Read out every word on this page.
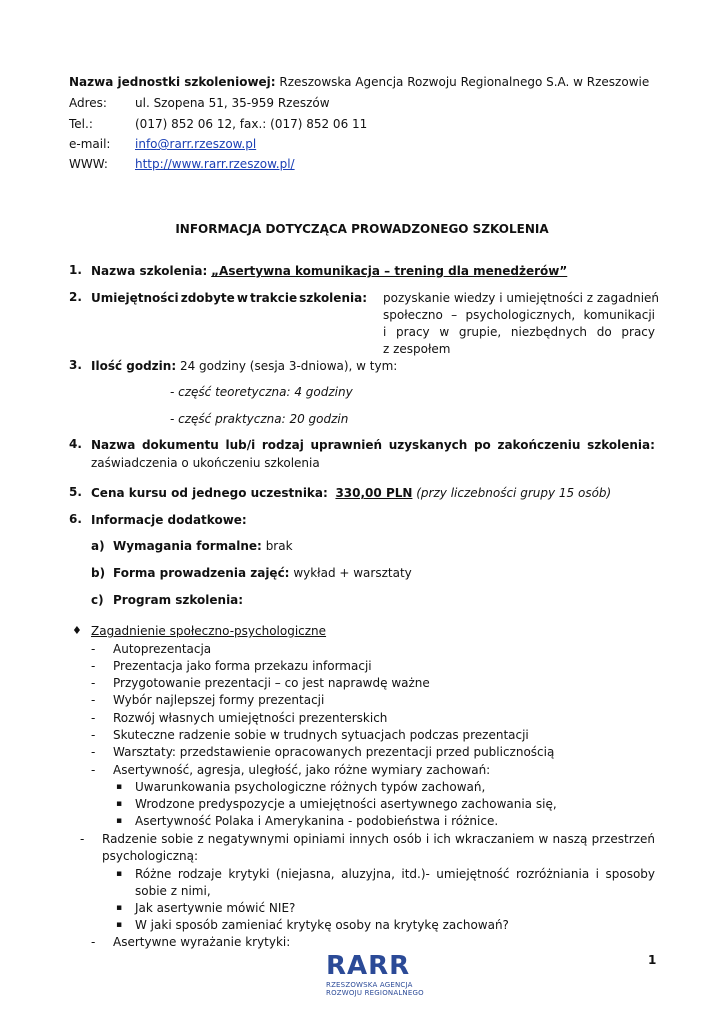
Nazwa jednostki szkoleniowej: Rzeszowska Agencja Rozwoju Regionalnego S.A. w Rzeszowie
Adres: ul. Szopena 51, 35-959 Rzeszów
Tel.:	(017) 852 06 12, fax.: (017) 852 06 11
e-mail: info@rarr.rzeszow.pl
WWW: http://www.rarr.rzeszow.pl/
INFORMACJA DOTYCZĄCA PROWADZONEGO SZKOLENIA
1. Nazwa szkolenia: „Asertywna komunikacja – trening dla menedżerów”
2. Umiejętności zdobyte w trakcie szkolenia: pozyskanie wiedzy i umiejętności z zagadnień
społeczno – psychologicznych, komunikacji
i pracy w grupie, niezbędnych do pracy
z zespołem
3. Ilość godzin: 24 godziny (sesja 3-dniowa), w tym:
- część teoretyczna: 4 godziny
- część praktyczna: 20 godzin
4. Nazwa dokumentu lub/i rodzaj uprawnień uzyskanych po zakończeniu szkolenia:
zaświadczenia o ukończeniu szkolenia
5. Cena kursu od jednego uczestnika: 330,00 PLN (przy liczebności grupy 15 osób)
6. Informacje dodatkowe:
a) Wymagania formalne: brak
b) Forma prowadzenia zajęć: wykład + warsztaty
c) Program szkolenia:
♦ Zagadnienie społeczno-psychologiczne
-	Autoprezentacja
-	Prezentacja jako forma przekazu informacji
-	Przygotowanie prezentacji – co jest naprawdę ważne
-	Wybór najlepszej formy prezentacji
-	Rozwój własnych umiejętności prezenterskich
-	Skuteczne radzenie sobie w trudnych sytuacjach podczas prezentacji
-	Warsztaty: przedstawienie opracowanych prezentacji przed publicznością
-	Asertywność, agresja, uległość, jako różne wymiary zachowań:
▪ Uwarunkowania psychologiczne różnych typów zachowań,
▪ Wrodzone predyspozycje a umiejętności asertywnego zachowania się,
▪ Asertywność Polaka i Amerykanina - podobieństwa i różnice.
-	Radzenie sobie z negatywnymi opiniami innych osób i ich wkraczaniem w naszą przestrzeń
psychologiczną:
▪ Różne rodzaje krytyki (niejasna, aluzyjna, itd.)- umiejętność rozróżniania i sposoby
sobie z nimi,
▪ Jak asertywnie mówić NIE?
▪ W jaki sposób zamieniać krytykę osoby na krytykę zachowań?
-	Asertywne wyrażanie krytyki:
1
RARR
RZESZOWSKA AGENCJA
ROZWOJU REGIONALNEGO
